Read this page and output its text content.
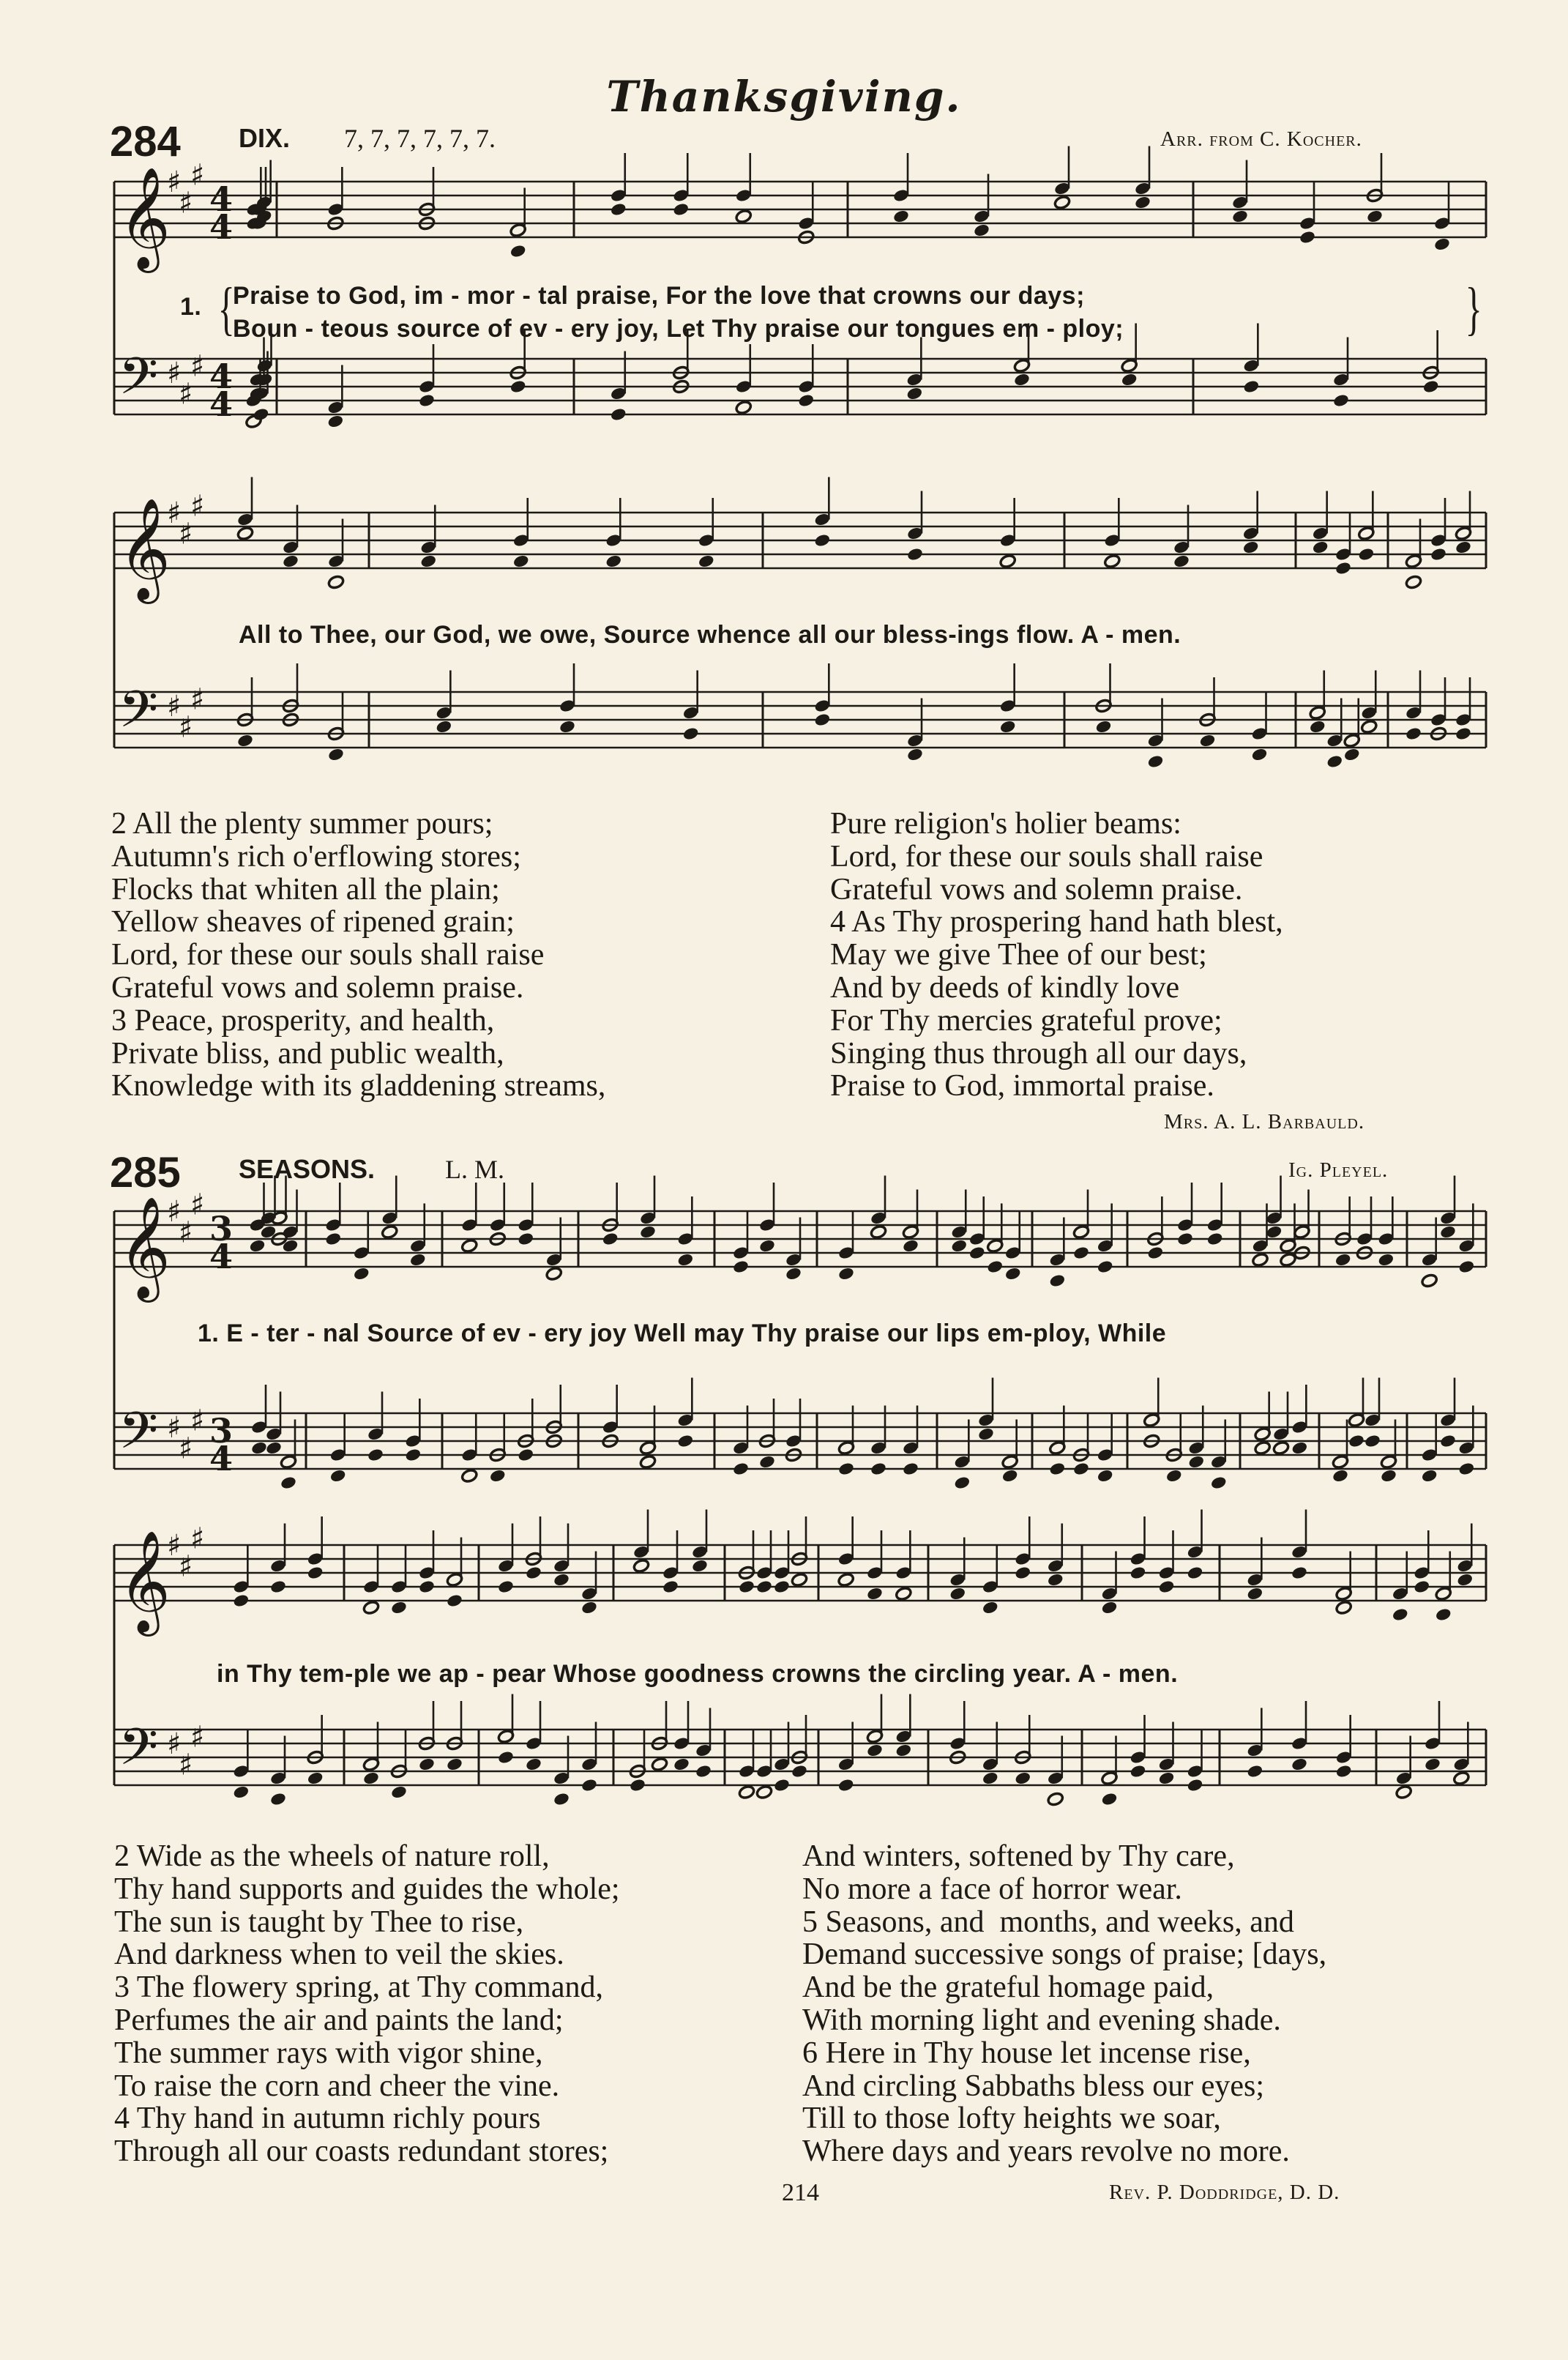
Thanksgiving.
284 DIX. 7, 7, 7, 7, 7, 7.	Arr. from C. Kocher.
𝄞
♯
♯
♯
4
4
𝄢 ♯
♯
♯ 4
4
𝄞
♯
♯
♯
𝄢 ♯
♯
♯
𝄞
♯
♯
♯
3
4
𝄢 ♯
♯
♯ 3
4
𝄞
♯
♯
♯
𝄢 ♯
♯
♯
1. {
Praise to God, im - mor - tal praise, For the love that crowns our days;
Boun - teous source of ev - ery joy, Let Thy praise our tongues em - ploy;	}
All to Thee, our God, we owe, Source whence all our bless-ings flow. A - men.
2 All the plenty summer pours;
Autumn's rich o'erflowing stores;
Flocks that whiten all the plain;
Yellow sheaves of ripened grain;
Lord, for these our souls shall raise
Grateful vows and solemn praise.
3 Peace, prosperity, and health,
Private bliss, and public wealth,
Knowledge with its gladdening streams,
Pure religion's holier beams:
Lord, for these our souls shall raise
Grateful vows and solemn praise.
4 As Thy prospering hand hath blest,
May we give Thee of our best;
And by deeds of kindly love
For Thy mercies grateful prove;
Singing thus through all our days,
Praise to God, immortal praise.
Mrs. A. L. Barbauld.
285 SEASONS.	L. M.	Ig. Pleyel.
1. E - ter - nal Source of ev - ery joy Well may Thy praise our lips em-ploy, While
in Thy tem-ple we ap - pear Whose goodness crowns the circling year. A - men.
2 Wide as the wheels of nature roll,
Thy hand supports and guides the whole;
The sun is taught by Thee to rise,
And darkness when to veil the skies.
3 The flowery spring, at Thy command,
Perfumes the air and paints the land;
The summer rays with vigor shine,
To raise the corn and cheer the vine.
4 Thy hand in autumn richly pours
Through all our coasts redundant stores;
And winters, softened by Thy care,
No more a face of horror wear.
5 Seasons, and  months, and weeks, and
Demand successive songs of praise; [days,
And be the grateful homage paid,
With morning light and evening shade.
6 Here in Thy house let incense rise,
And circling Sabbaths bless our eyes;
Till to those lofty heights we soar,
Where days and years revolve no more.
214	Rev. P. Doddridge, D. D.
